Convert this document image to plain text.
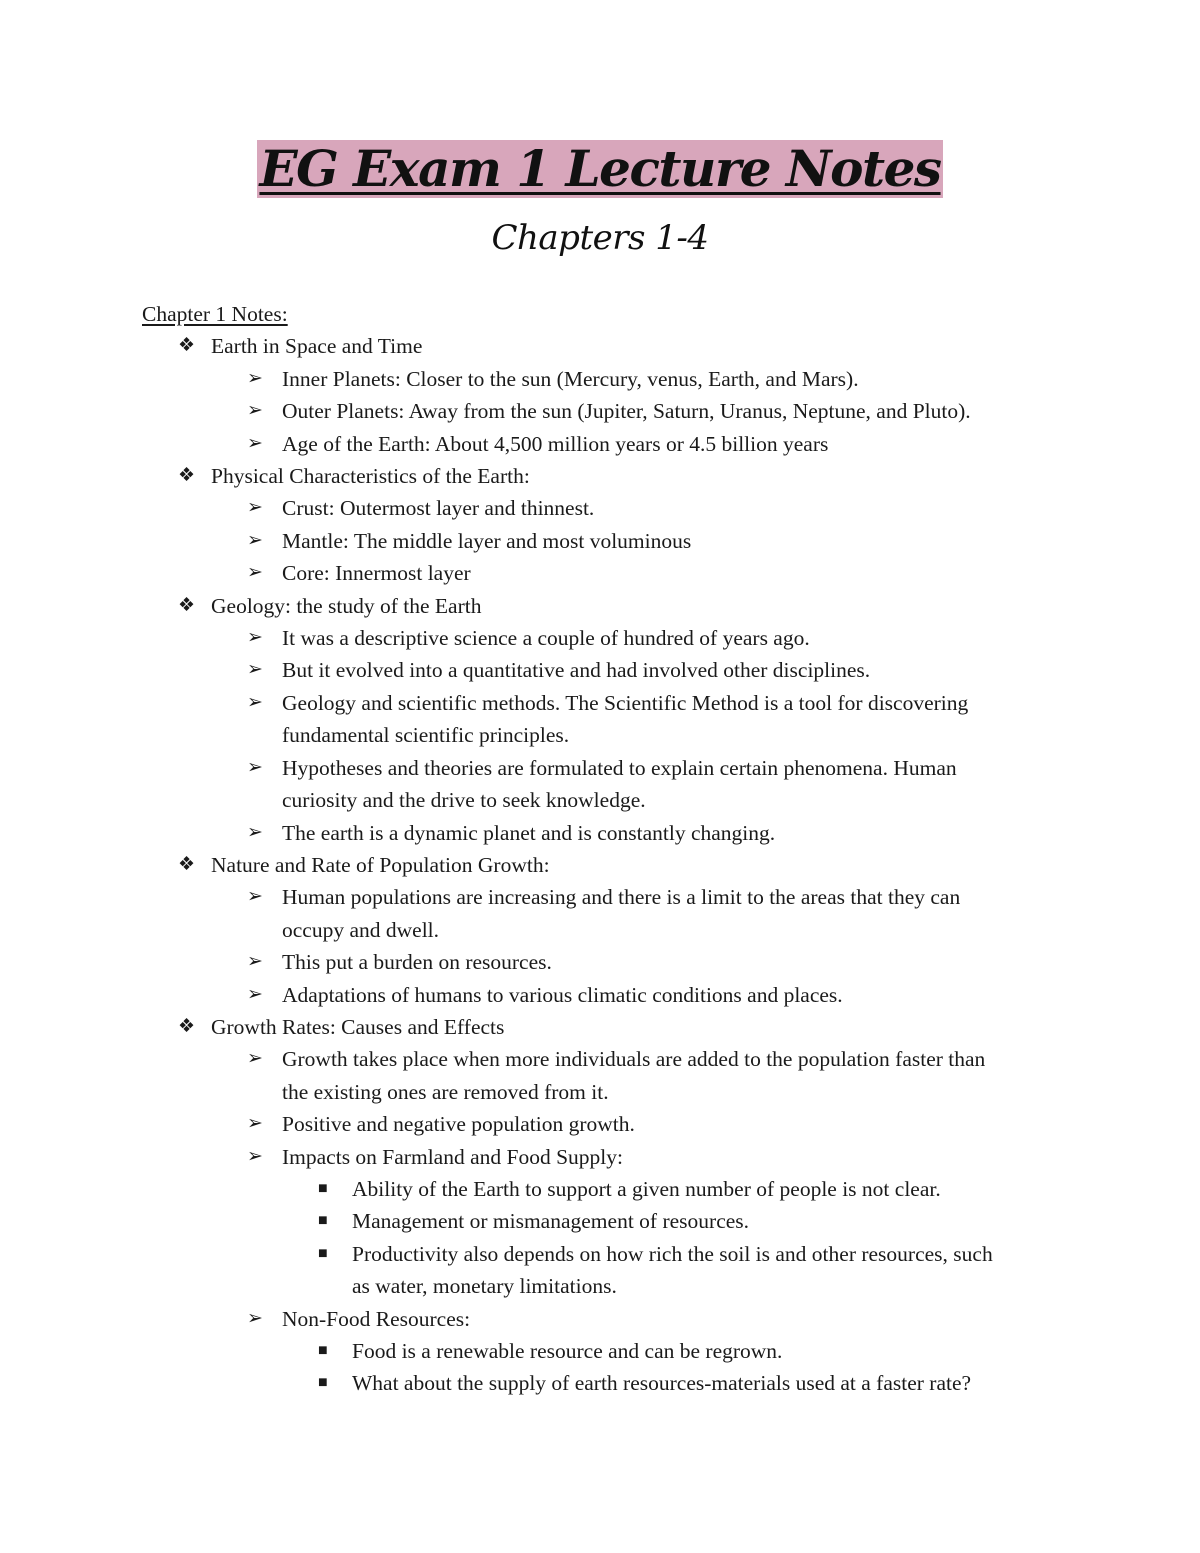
EG Exam 1 Lecture Notes
Chapters 1-4
Chapter 1 Notes:
❖ Earth in Space and Time
➢ Inner Planets: Closer to the sun (Mercury, venus, Earth, and Mars).
➢ Outer Planets: Away from the sun (Jupiter, Saturn, Uranus, Neptune, and Pluto).
➢ Age of the Earth: About 4,500 million years or 4.5 billion years
❖ Physical Characteristics of the Earth:
➢ Crust: Outermost layer and thinnest.
➢ Mantle: The middle layer and most voluminous
➢ Core: Innermost layer
❖ Geology: the study of the Earth
➢ It was a descriptive science a couple of hundred of years ago.
➢ But it evolved into a quantitative and had involved other disciplines.
➢ Geology and scientific methods. The Scientific Method is a tool for discovering
fundamental scientific principles.
➢ Hypotheses and theories are formulated to explain certain phenomena. Human
curiosity and the drive to seek knowledge.
➢ The earth is a dynamic planet and is constantly changing.
❖ Nature and Rate of Population Growth:
➢ Human populations are increasing and there is a limit to the areas that they can
occupy and dwell.
➢ This put a burden on resources.
➢ Adaptations of humans to various climatic conditions and places.
❖ Growth Rates: Causes and Effects
➢ Growth takes place when more individuals are added to the population faster than
the existing ones are removed from it.
➢ Positive and negative population growth.
➢ Impacts on Farmland and Food Supply:
■ Ability of the Earth to support a given number of people is not clear.
■ Management or mismanagement of resources.
■ Productivity also depends on how rich the soil is and other resources, such
as water, monetary limitations.
➢ Non-Food Resources:
■ Food is a renewable resource and can be regrown.
■ What about the supply of earth resources-materials used at a faster rate?
